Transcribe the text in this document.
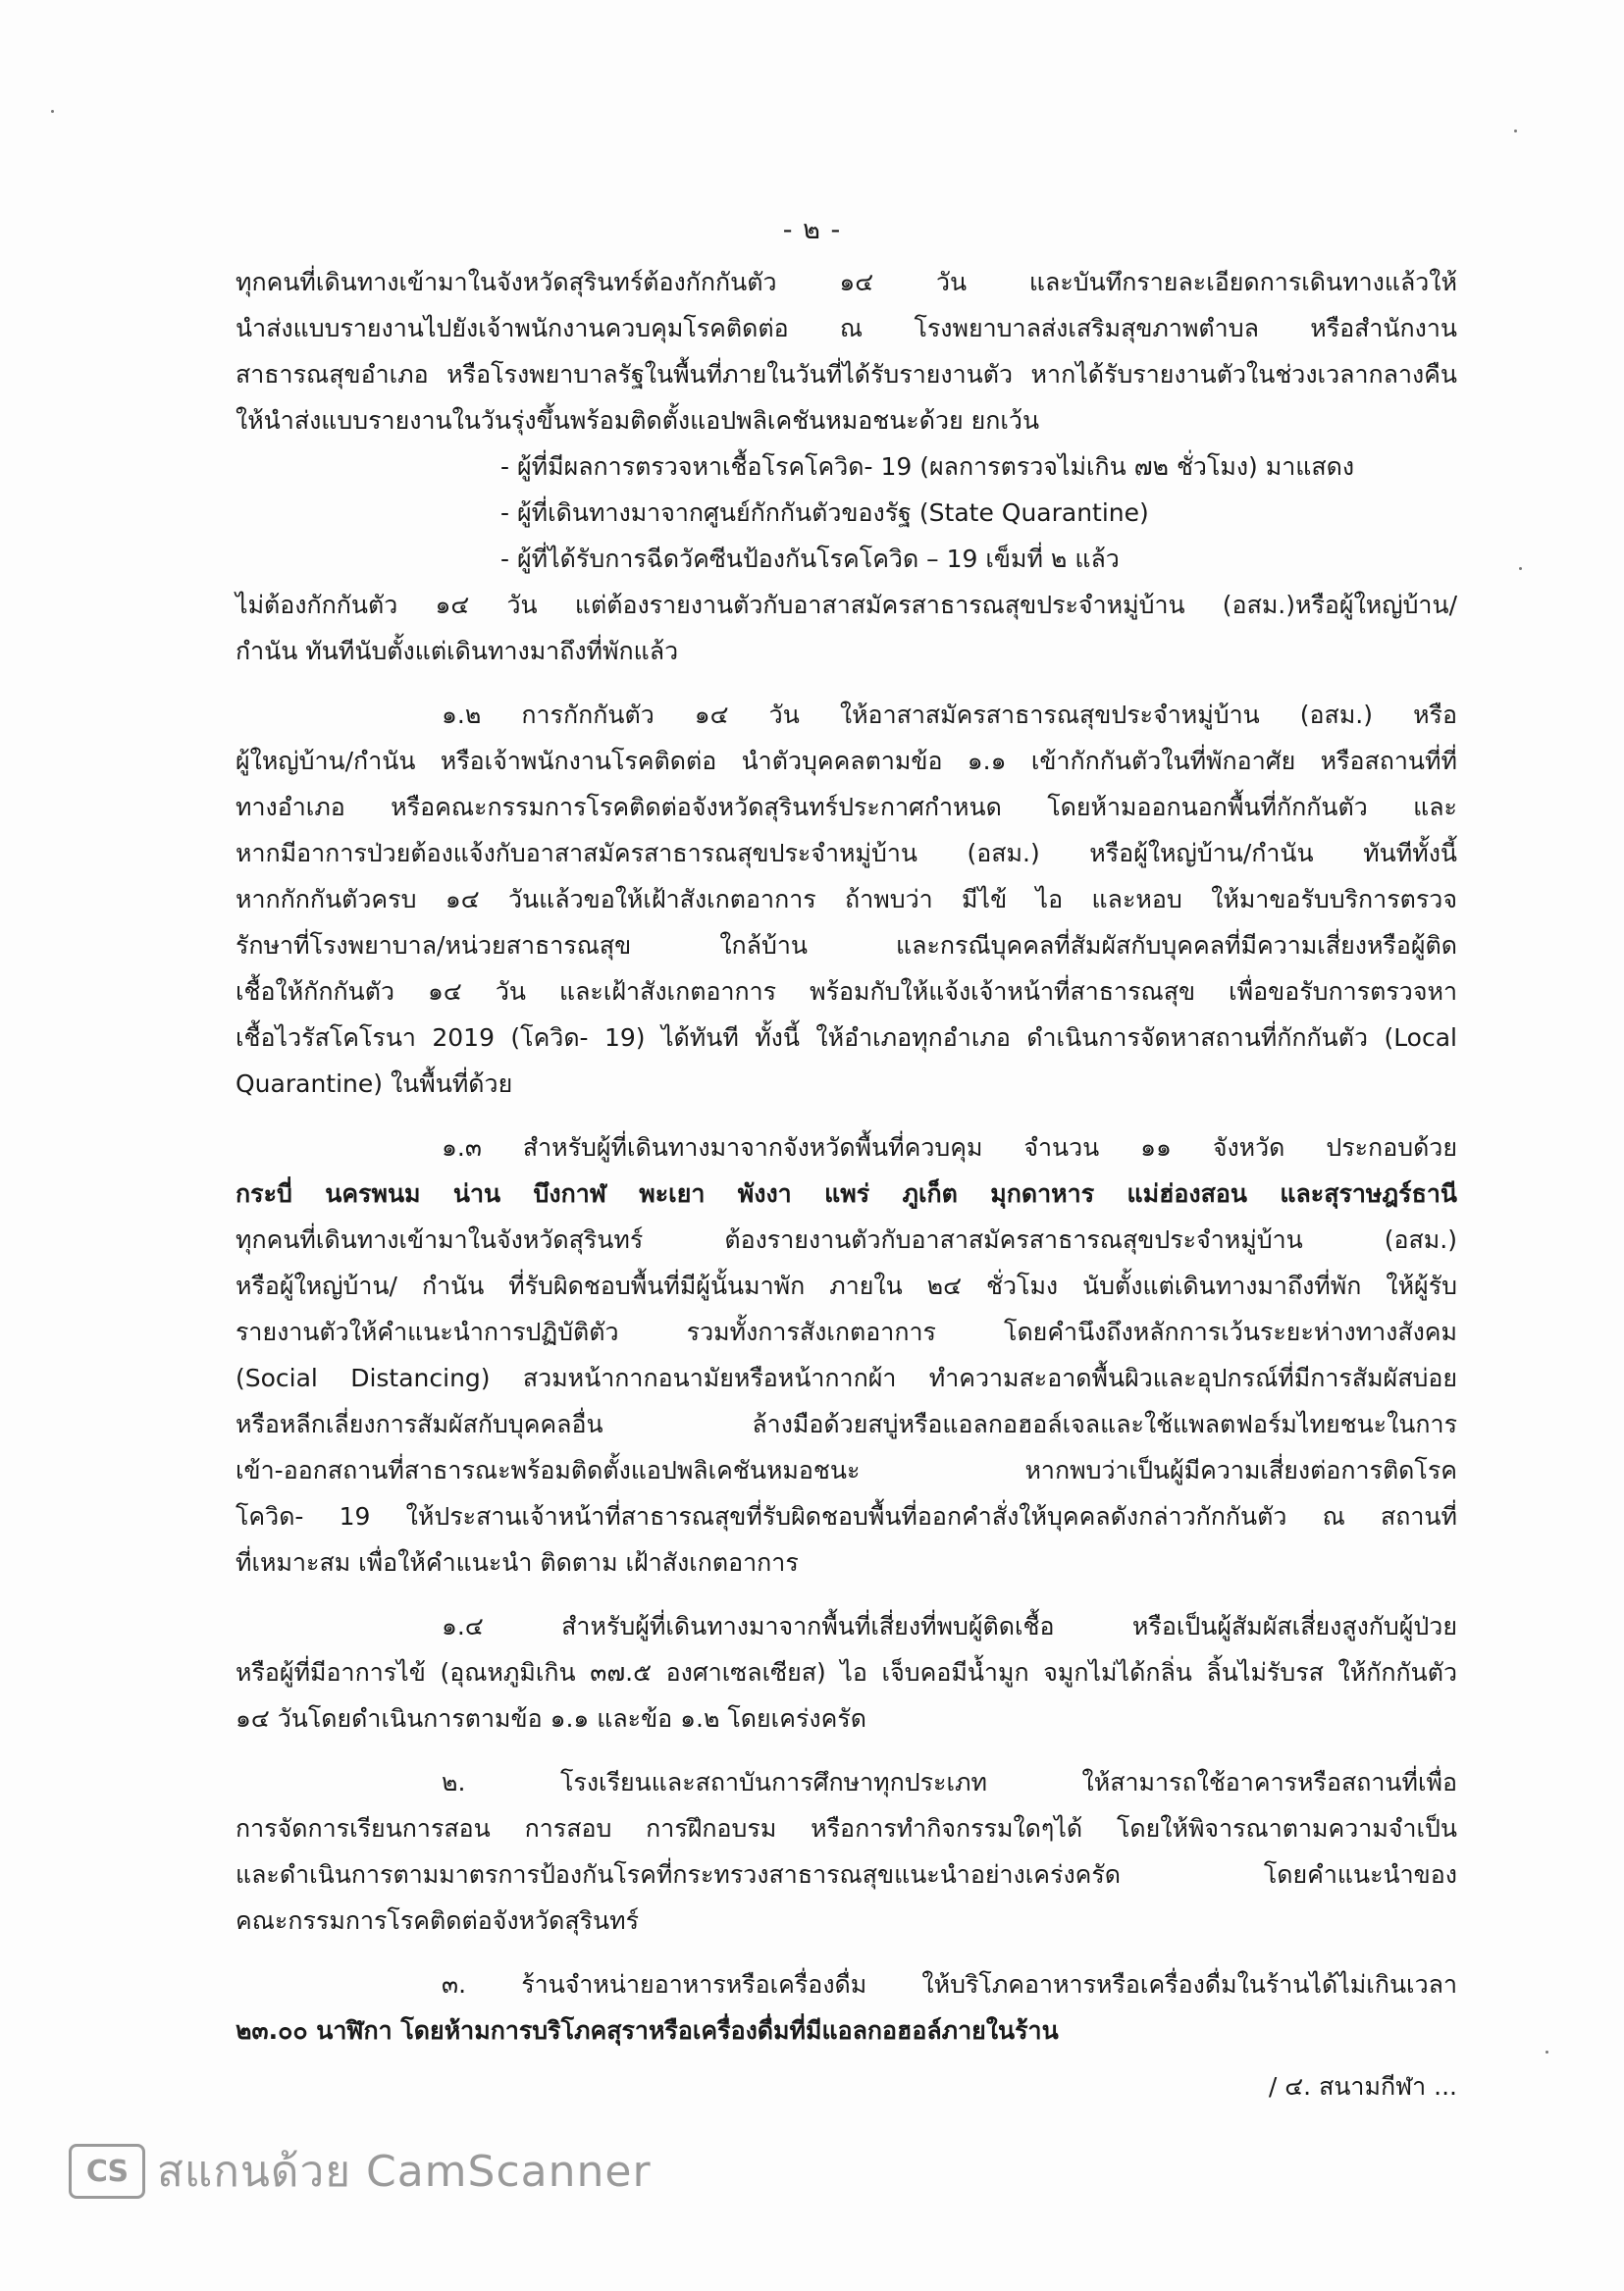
- ๒ -
ทุกคนที่เดินทางเข้ามาในจังหวัดสุรินทร์ต้องกักกันตัว ๑๔ วัน และบันทึกรายละเอียดการเดินทางแล้วให้
นำส่งแบบรายงานไปยังเจ้าพนักงานควบคุมโรคติดต่อ ณ โรงพยาบาลส่งเสริมสุขภาพตำบล หรือสำนักงาน
สาธารณสุขอำเภอ หรือโรงพยาบาลรัฐในพื้นที่ภายในวันที่ได้รับรายงานตัว หากได้รับรายงานตัวในช่วงเวลากลางคืน
ให้นำส่งแบบรายงานในวันรุ่งขึ้นพร้อมติดตั้งแอปพลิเคชันหมอชนะด้วย ยกเว้น
- ผู้ที่มีผลการตรวจหาเชื้อโรคโควิด- 19 (ผลการตรวจไม่เกิน ๗๒ ชั่วโมง) มาแสดง
- ผู้ที่เดินทางมาจากศูนย์กักกันตัวของรัฐ (State Quarantine)
- ผู้ที่ได้รับการฉีดวัคซีนป้องกันโรคโควิด – 19 เข็มที่ ๒ แล้ว
ไม่ต้องกักกันตัว ๑๔ วัน แต่ต้องรายงานตัวกับอาสาสมัครสาธารณสุขประจำหมู่บ้าน (อสม.)หรือผู้ใหญ่บ้าน/
กำนัน ทันทีนับตั้งแต่เดินทางมาถึงที่พักแล้ว
๑.๒ การกักกันตัว ๑๔ วัน ให้อาสาสมัครสาธารณสุขประจำหมู่บ้าน (อสม.) หรือ
ผู้ใหญ่บ้าน/กำนัน หรือเจ้าพนักงานโรคติดต่อ นำตัวบุคคลตามข้อ ๑.๑ เข้ากักกันตัวในที่พักอาศัย หรือสถานที่ที่
ทางอำเภอ หรือคณะกรรมการโรคติดต่อจังหวัดสุรินทร์ประกาศกำหนด โดยห้ามออกนอกพื้นที่กักกันตัว และ
หากมีอาการป่วยต้องแจ้งกับอาสาสมัครสาธารณสุขประจำหมู่บ้าน (อสม.) หรือผู้ใหญ่บ้าน/กำนัน ทันทีทั้งนี้
หากกักกันตัวครบ ๑๔ วันแล้วขอให้เฝ้าสังเกตอาการ ถ้าพบว่า มีไข้ ไอ และหอบ ให้มาขอรับบริการตรวจ
รักษาที่โรงพยาบาล/หน่วยสาธารณสุข ใกล้บ้าน และกรณีบุคคลที่สัมผัสกับบุคคลที่มีความเสี่ยงหรือผู้ติด
เชื้อให้กักกันตัว ๑๔ วัน และเฝ้าสังเกตอาการ พร้อมกับให้แจ้งเจ้าหน้าที่สาธารณสุข เพื่อขอรับการตรวจหา
เชื้อไวรัสโคโรนา 2019 (โควิด- 19) ได้ทันที ทั้งนี้ ให้อำเภอทุกอำเภอ ดำเนินการจัดหาสถานที่กักกันตัว (Local
Quarantine) ในพื้นที่ด้วย
๑.๓ สำหรับผู้ที่เดินทางมาจากจังหวัดพื้นที่ควบคุม จำนวน ๑๑ จังหวัด ประกอบด้วย
กระบี่ นครพนม น่าน บึงกาฬ พะเยา พังงา แพร่ ภูเก็ต มุกดาหาร แม่ฮ่องสอน และสุราษฎร์ธานี
ทุกคนที่เดินทางเข้ามาในจังหวัดสุรินทร์ ต้องรายงานตัวกับอาสาสมัครสาธารณสุขประจำหมู่บ้าน (อสม.)
หรือผู้ใหญ่บ้าน/ กำนัน ที่รับผิดชอบพื้นที่มีผู้นั้นมาพัก ภายใน ๒๔ ชั่วโมง นับตั้งแต่เดินทางมาถึงที่พัก ให้ผู้รับ
รายงานตัวให้คำแนะนำการปฏิบัติตัว รวมทั้งการสังเกตอาการ โดยคำนึงถึงหลักการเว้นระยะห่างทางสังคม
(Social Distancing) สวมหน้ากากอนามัยหรือหน้ากากผ้า ทำความสะอาดพื้นผิวและอุปกรณ์ที่มีการสัมผัสบ่อย
หรือหลีกเลี่ยงการสัมผัสกับบุคคลอื่น ล้างมือด้วยสบู่หรือแอลกอฮอล์เจลและใช้แพลตฟอร์มไทยชนะในการ
เข้า-ออกสถานที่สาธารณะพร้อมติดตั้งแอปพลิเคชันหมอชนะ หากพบว่าเป็นผู้มีความเสี่ยงต่อการติดโรค
โควิด- 19 ให้ประสานเจ้าหน้าที่สาธารณสุขที่รับผิดชอบพื้นที่ออกคำสั่งให้บุคคลดังกล่าวกักกันตัว ณ สถานที่
ที่เหมาะสม เพื่อให้คำแนะนำ ติดตาม เฝ้าสังเกตอาการ
๑.๔ สำหรับผู้ที่เดินทางมาจากพื้นที่เสี่ยงที่พบผู้ติดเชื้อ หรือเป็นผู้สัมผัสเสี่ยงสูงกับผู้ป่วย
หรือผู้ที่มีอาการไข้ (อุณหภูมิเกิน ๓๗.๕ องศาเซลเซียส) ไอ เจ็บคอมีน้ำมูก จมูกไม่ได้กลิ่น ลิ้นไม่รับรส ให้กักกันตัว
๑๔ วันโดยดำเนินการตามข้อ ๑.๑ และข้อ ๑.๒ โดยเคร่งครัด
๒. โรงเรียนและสถาบันการศึกษาทุกประเภท ให้สามารถใช้อาคารหรือสถานที่เพื่อ
การจัดการเรียนการสอน การสอบ การฝึกอบรม หรือการทำกิจกรรมใดๆได้ โดยให้พิจารณาตามความจำเป็น
และดำเนินการตามมาตรการป้องกันโรคที่กระทรวงสาธารณสุขแนะนำอย่างเคร่งครัด โดยคำแนะนำของ
คณะกรรมการโรคติดต่อจังหวัดสุรินทร์
๓. ร้านจำหน่ายอาหารหรือเครื่องดื่ม ให้บริโภคอาหารหรือเครื่องดื่มในร้านได้ไม่เกินเวลา
๒๓.๐๐ นาฬิกา โดยห้ามการบริโภคสุราหรือเครื่องดื่มที่มีแอลกอฮอล์ภายในร้าน
/ ๔. สนามกีฬา ...
CS สแกนด้วย CamScanner
